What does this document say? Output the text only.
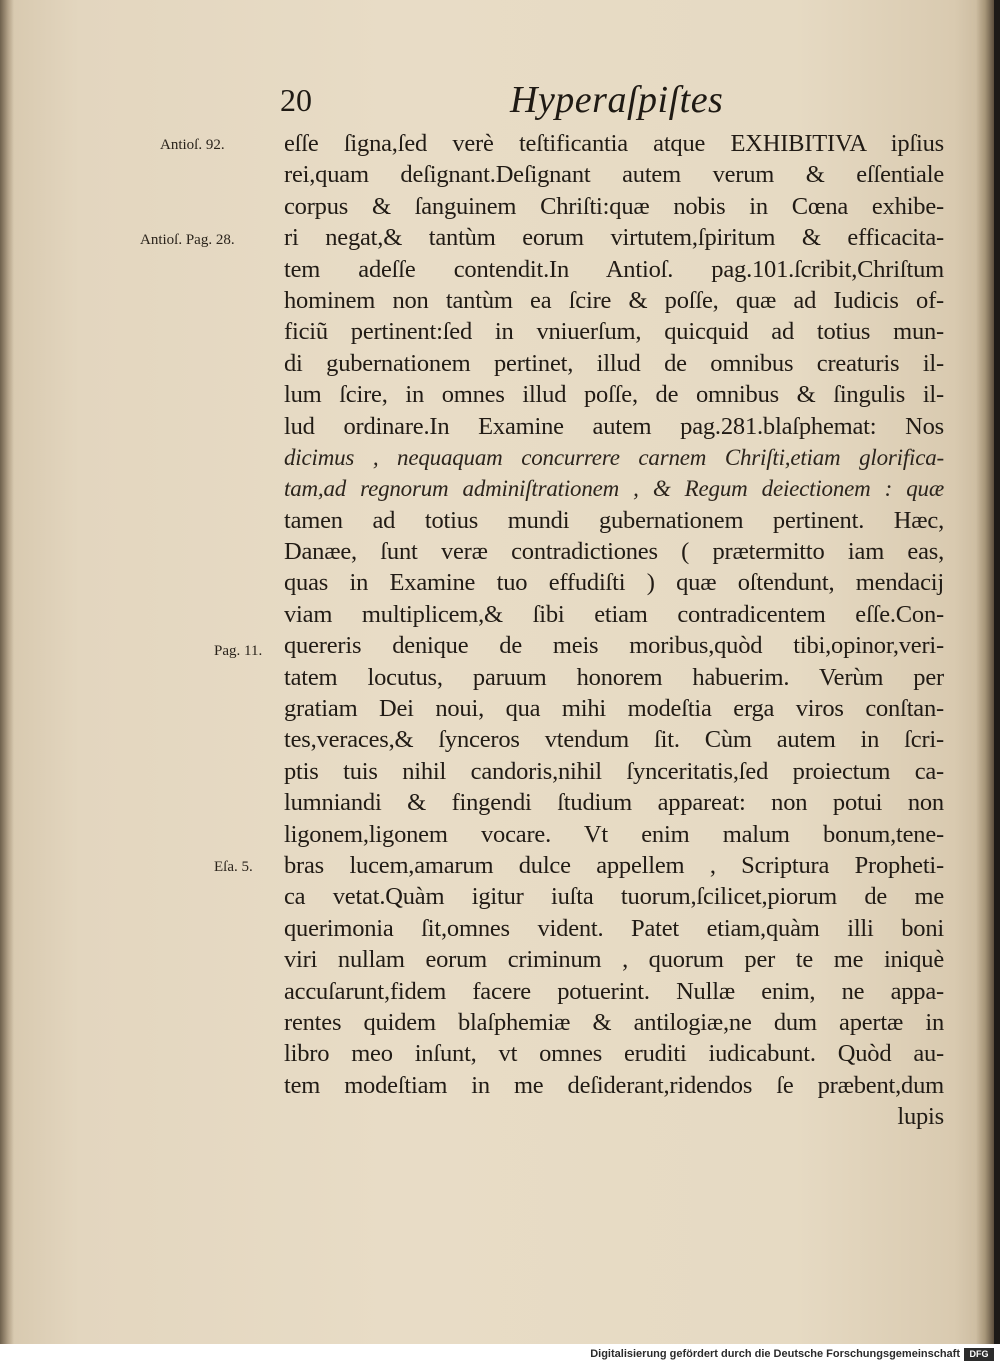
20	Hyperaſpiſtes
Antioſ. 92.
Antioſ. Pag. 28.
Pag. 11.
Eſa. 5.
eſſe ſigna,ſed verè teſtificantia atque EXHIBITIVA ipſius
rei,quam deſignant.Deſignant autem verum & eſſentiale
corpus & ſanguinem Chriſti:quæ nobis in Cœna exhibe-
ri negat,& tantùm eorum virtutem,ſpiritum & efficacita-
tem adeſſe contendit.In Antioſ. pag.101.ſcribit,Chriſtum
hominem non tantùm ea ſcire & poſſe, quæ ad Iudicis of-
ficiũ pertinent:ſed in vniuerſum, quicquid ad totius mun-
di gubernationem pertinet, illud de omnibus creaturis il-
lum ſcire, in omnes illud poſſe, de omnibus & ſingulis il-
lud ordinare.In Examine autem pag.281.blaſphemat: Nos
dicimus , nequaquam concurrere carnem Chriſti,etiam glorifica-
tam,ad regnorum adminiſtrationem , & Regum deiectionem : quæ
tamen ad totius mundi gubernationem pertinent. Hæc,
Danæe, ſunt veræ contradictiones ( prætermitto iam eas,
quas in Examine tuo effudiſti ) quæ oſtendunt, mendacij
viam multiplicem,& ſibi etiam contradicentem eſſe.Con-
quereris denique de meis moribus,quòd tibi,opinor,veri-
tatem locutus, paruum honorem habuerim. Verùm per
gratiam Dei noui, qua mihi modeſtia erga viros conſtan-
tes,veraces,& ſynceros vtendum ſit. Cùm autem in ſcri-
ptis tuis nihil candoris,nihil ſynceritatis,ſed proiectum ca-
lumniandi & fingendi ſtudium appareat: non potui non
ligonem,ligonem vocare. Vt enim malum bonum,tene-
bras lucem,amarum dulce appellem , Scriptura Propheti-
ca vetat.Quàm igitur iuſta tuorum,ſcilicet,piorum de me
querimonia ſit,omnes vident. Patet etiam,quàm illi boni
viri nullam eorum criminum , quorum per te me iniquè
accuſarunt,fidem facere potuerint. Nullæ enim, ne appa-
rentes quidem blaſphemiæ & antilogiæ,ne dum apertæ in
libro meo inſunt, vt omnes eruditi iudicabunt. Quòd au-
tem modeſtiam in me deſiderant,ridendos ſe præbent,dum
lupis
Digitalisierung gefördert durch die Deutsche Forschungsgemeinschaft	DFG
